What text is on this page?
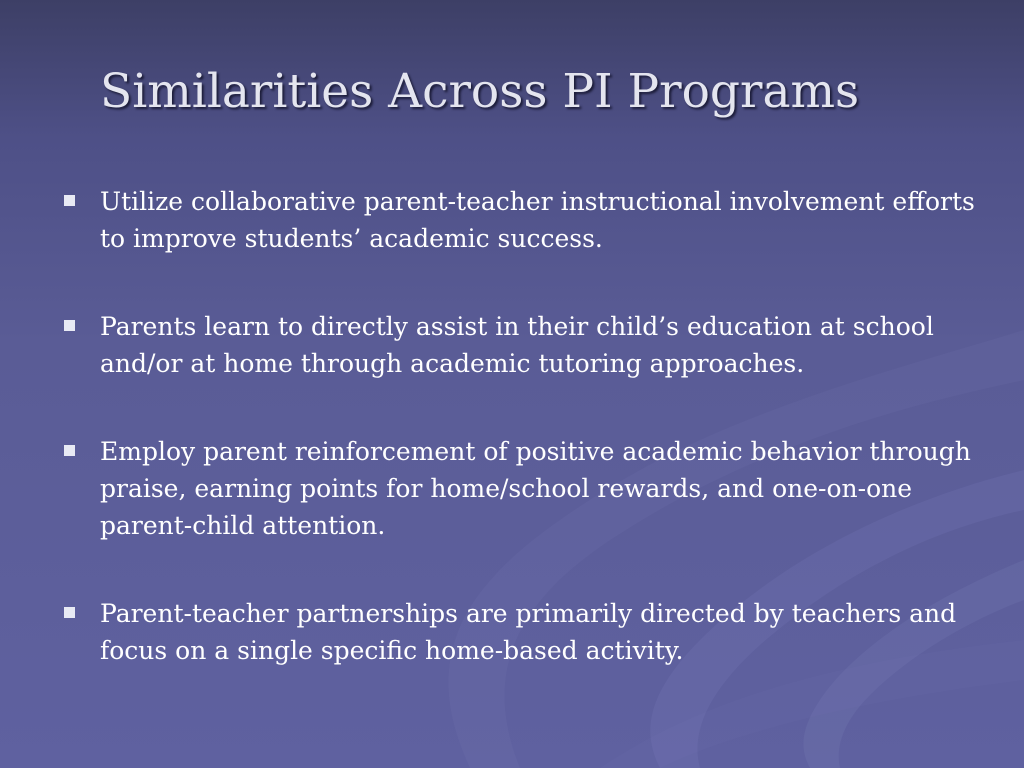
Similarities Across PI Programs
Utilize collaborative parent-teacher instructional involvement efforts to improve students’ academic success.
Parents learn to directly assist in their child’s education at school and/or at home through academic tutoring approaches.
Employ parent reinforcement of positive academic behavior through praise, earning points for home/school rewards, and one-on-one parent-child attention.
Parent-teacher partnerships are primarily directed by teachers and focus on a single specific home-based activity.
